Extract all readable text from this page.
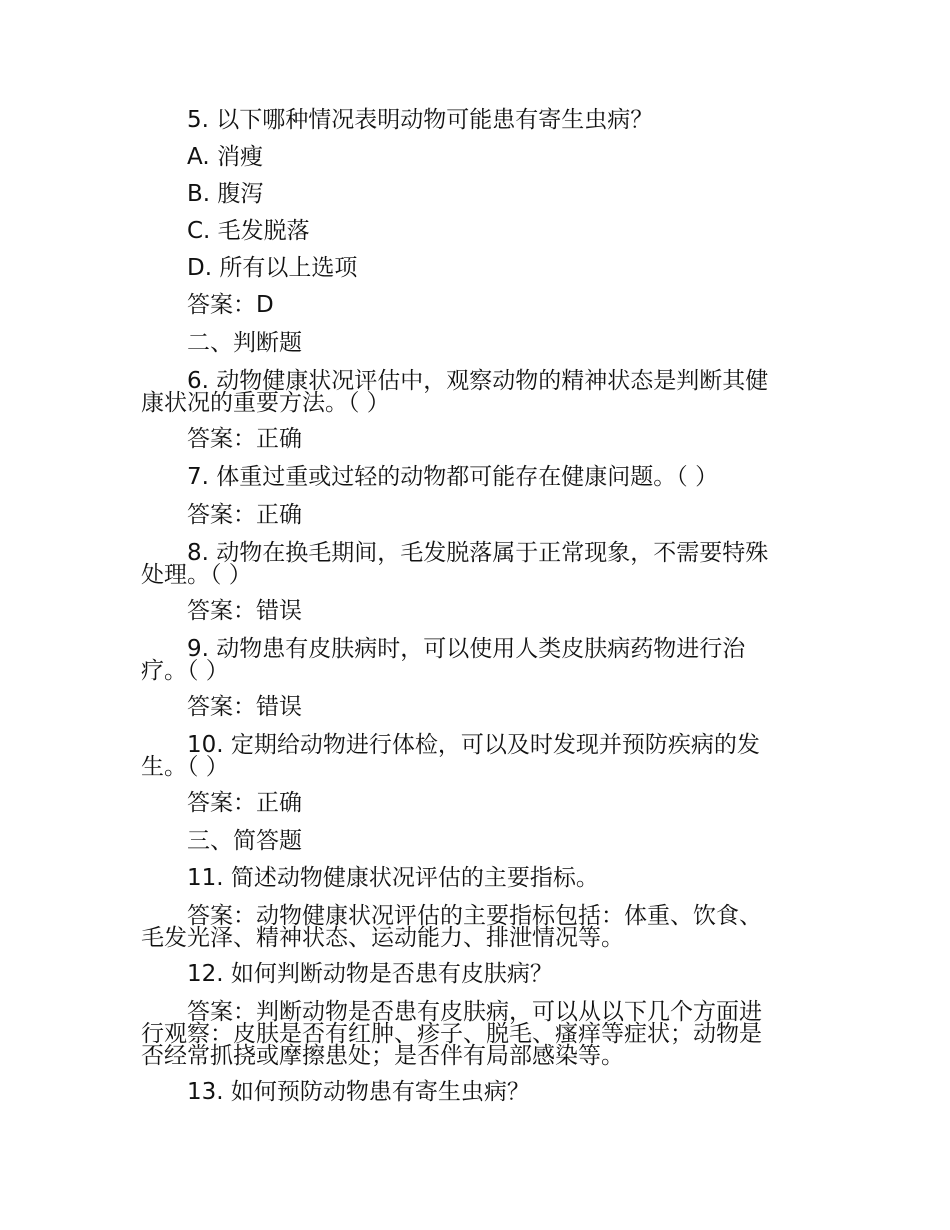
5. 以下哪种情况表明动物可能患有寄生虫病？
A. 消瘦
B. 腹泻
C. 毛发脱落
D. 所有以上选项
答案：D
二、判断题
6. 动物健康状况评估中，观察动物的精神状态是判断其健
康状况的重要方法。（ ）
答案：正确
7. 体重过重或过轻的动物都可能存在健康问题。（ ）
答案：正确
8. 动物在换毛期间，毛发脱落属于正常现象，不需要特殊
处理。（ ）
答案：错误
9. 动物患有皮肤病时，可以使用人类皮肤病药物进行治
疗。（ ）
答案：错误
10. 定期给动物进行体检，可以及时发现并预防疾病的发
生。（ ）
答案：正确
三、简答题
11. 简述动物健康状况评估的主要指标。
答案：动物健康状况评估的主要指标包括：体重、饮食、
毛发光泽、精神状态、运动能力、排泄情况等。
12. 如何判断动物是否患有皮肤病？
答案：判断动物是否患有皮肤病，可以从以下几个方面进
行观察：皮肤是否有红肿、疹子、脱毛、瘙痒等症状；动物是
否经常抓挠或摩擦患处；是否伴有局部感染等。
13. 如何预防动物患有寄生虫病？
